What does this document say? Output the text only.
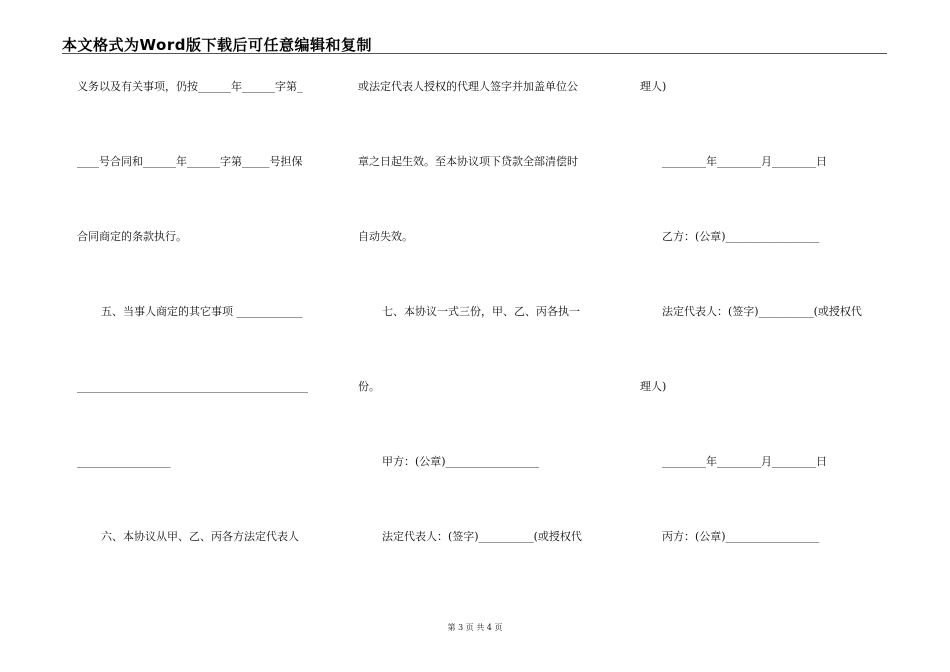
本文格式为Word版下载后可任意编辑和复制
义务以及有关事项，仍按______年______字第_
____号合同和______年______字第_____号担保
合同商定的条款执行。
五、当事人商定的其它事项 ____________
__________________________________________
_________________
六、本协议从甲、乙、丙各方法定代表人
或法定代表人授权的代理人签字并加盖单位公
章之日起生效。至本协议项下贷款全部清偿时
自动失效。
七、本协议一式三份，甲、乙、丙各执一
份。
甲方：(公章)_________________
法定代表人：(签字)__________(或授权代
理人)
________年________月________日
乙方：(公章)_________________
法定代表人：(签字)__________(或授权代
理人)
________年________月________日
丙方：(公章)_________________
第 3 页 共 4 页
